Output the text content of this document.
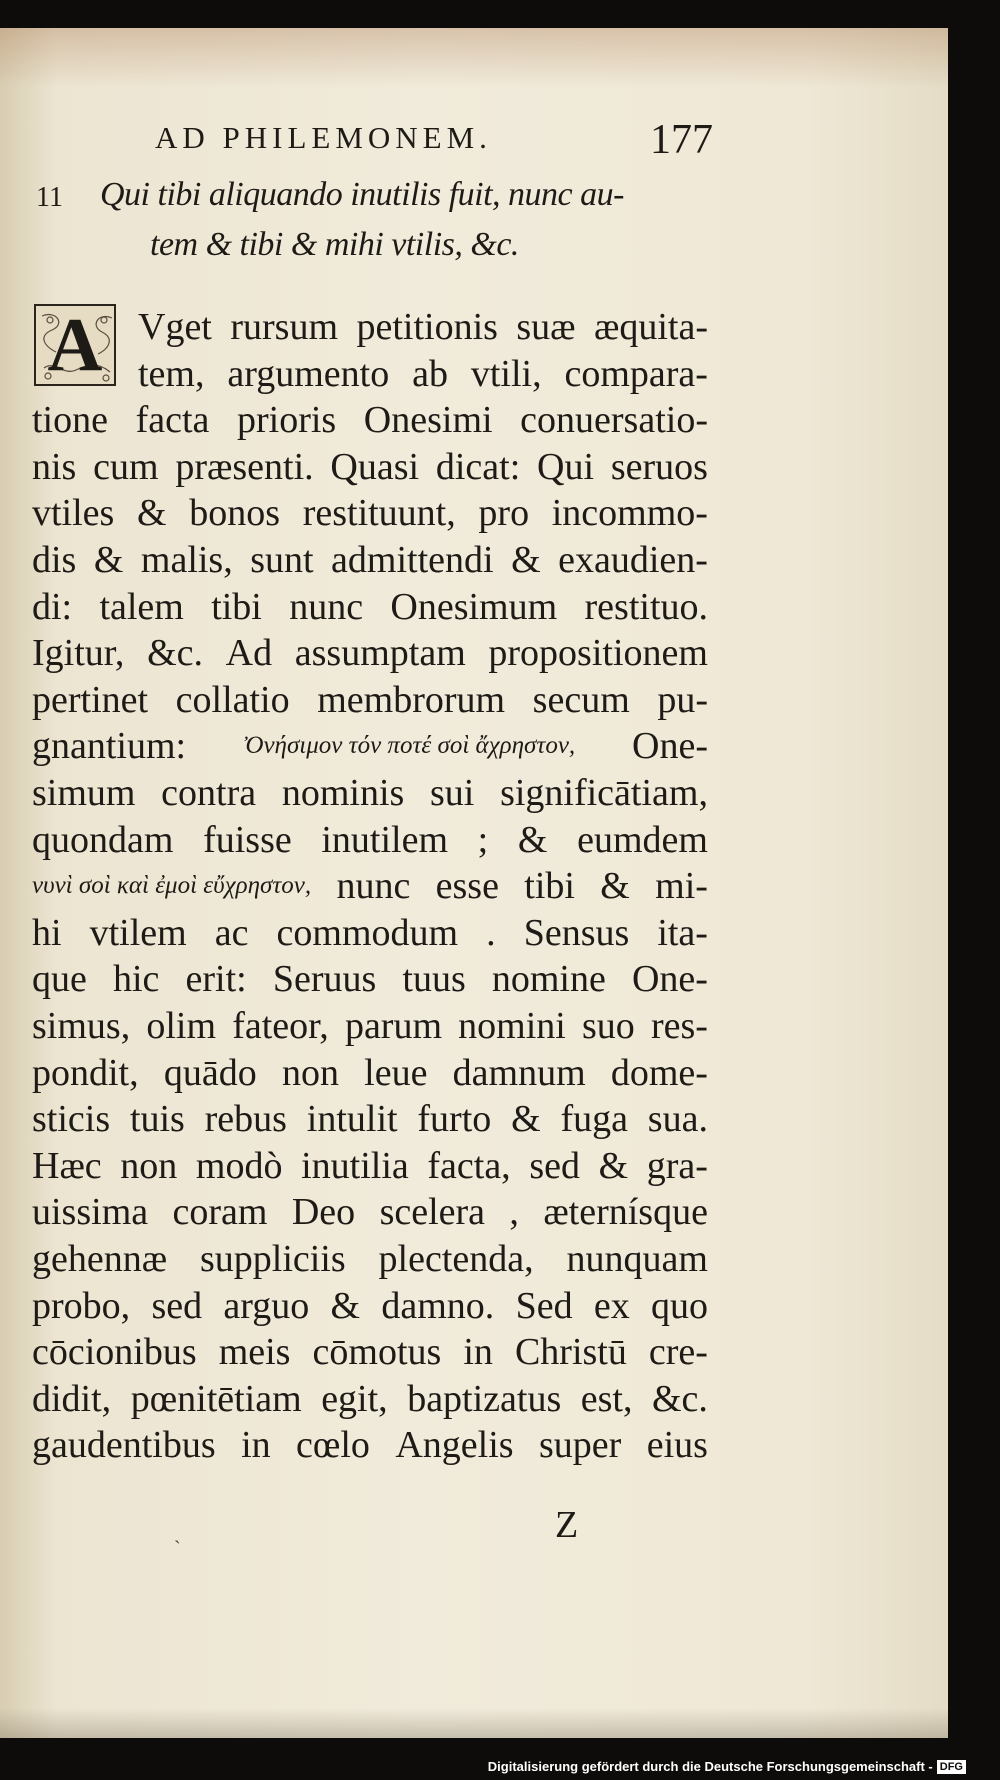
AD PHILEMONEM.	177
11 Qui tibi aliquando inutilis fuit, nunc au-
tem & tibi & mihi vtilis, &c.
A Vget rursum petitionis suæ æquita-
tem, argumento ab vtili, compara-
tione facta prioris Onesimi conuersatio-
nis cum præsenti. Quasi dicat: Qui seruos
vtiles & bonos restituunt, pro incommo-
dis & malis, sunt admittendi & exaudien-
di: talem tibi nunc Onesimum restituo.
Igitur, &c. Ad assumptam propositionem
pertinet collatio membrorum secum pu-
gnantium: Ὀνήσιμον τόν ποτέ σοὶ ἄχρηστον, One-
simum contra nominis sui significātiam,
quondam fuisse inutilem ; & eumdem
νυνὶ σοὶ καὶ ἐμοὶ εὔχρηστον, nunc esse tibi & mi-
hi vtilem ac commodum . Sensus ita-
que hic erit: Seruus tuus nomine One-
simus, olim fateor, parum nomini suo res-
pondit, quādo non leue damnum dome-
sticis tuis rebus intulit furto & fuga sua.
Hæc non modò inutilia facta, sed & gra-
uissima coram Deo scelera , æternísque
gehennæ suppliciis plectenda, nunquam
probo, sed arguo & damno. Sed ex quo
cōcionibus meis cōmotus in Christū cre-
didit, pœnitētiam egit, baptizatus est, &c.
gaudentibus in cœlo Angelis super eius
Z
ˏ
Digitalisierung gefördert durch die Deutsche Forschungsgemeinschaft - DFG
